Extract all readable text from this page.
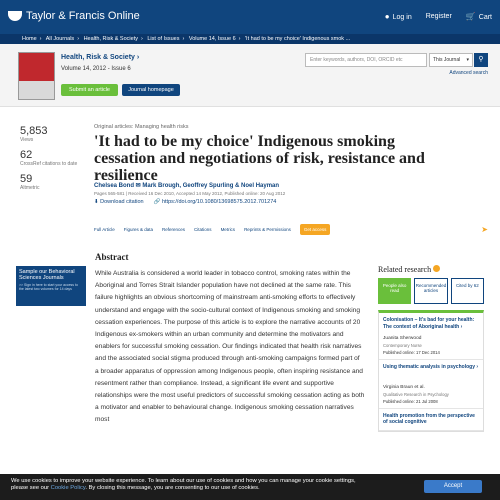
Taylor & Francis Online	● Log in Register 🛒 Cart
Home › All Journals › Health, Risk & Society › List of Issues › Volume 14, Issue 6 › 'It had to be my choice' Indigenous smok ...
Health, Risk & Society ›
Volume 14, 2012 - Issue 6
Submit an article	Journal homepage
Enter keywords, authors, DOI, ORCID etc	This Journal ▾	⚲
Advanced search
5,853
Views
62
CrossRef citations to date
59
Altmetric
Original articles: Managing health risks
'It had to be my choice' Indigenous smoking cessation and negotiations of risk, resistance and resilience
Chelsea Bond ✉ Mark Brough, Geoffrey Spurling & Noel Hayman
Pages 565-581 | Received 16 Dec 2010, Accepted 14 May 2012, Published online: 20 Aug 2012
⬇ Download citation 🔗 https://doi.org/10.1080/13698575.2012.701274
Full Article Figures & data References Citations Metrics Reprints & Permissions	Get access	➤
Sample our Behavioral Sciences Journals
>> Sign in here to start your access to the latest two volumes for 14 days
Abstract
While Australia is considered a world leader in tobacco control, smoking rates within the Aboriginal and Torres Strait Islander population have not declined at the same rate. This failure highlights an obvious shortcoming of mainstream anti-smoking efforts to effectively understand and engage with the socio-cultural context of Indigenous smoking and smoking cessation experiences. The purpose of this article is to explore the narrative accounts of 20 Indigenous ex-smokers within an urban community and determine the motivators and enablers for successful smoking cessation. Our findings indicated that health risk narratives and the associated social stigma produced through anti-smoking campaigns formed part of a broader apparatus of oppression among Indigenous people, often inspiring resistance and resentment rather than compliance. Instead, a significant life event and supportive relationships were the most useful predictors of successful smoking cessation acting as both a motivator and enabler to behavioural change. Indigenous smoking cessation narratives most
Related research
People also read
Recommended articles
Cited by 62
Colonisation – It's bad for your health: The context of Aboriginal health ›
Juanita Sherwood
Contemporary Nurse
Published online: 17 Dec 2014
Using thematic analysis in psychology ›
Virginia Braun et al.
Qualitative Research in Psychology
Published online: 21 Jul 2008
Health promotion from the perspective of social cognitive
We use cookies to improve your website experience. To learn about our use of cookies and how you can manage your cookie settings,
please see our Cookie Policy. By closing this message, you are consenting to our use of cookies.	Accept
